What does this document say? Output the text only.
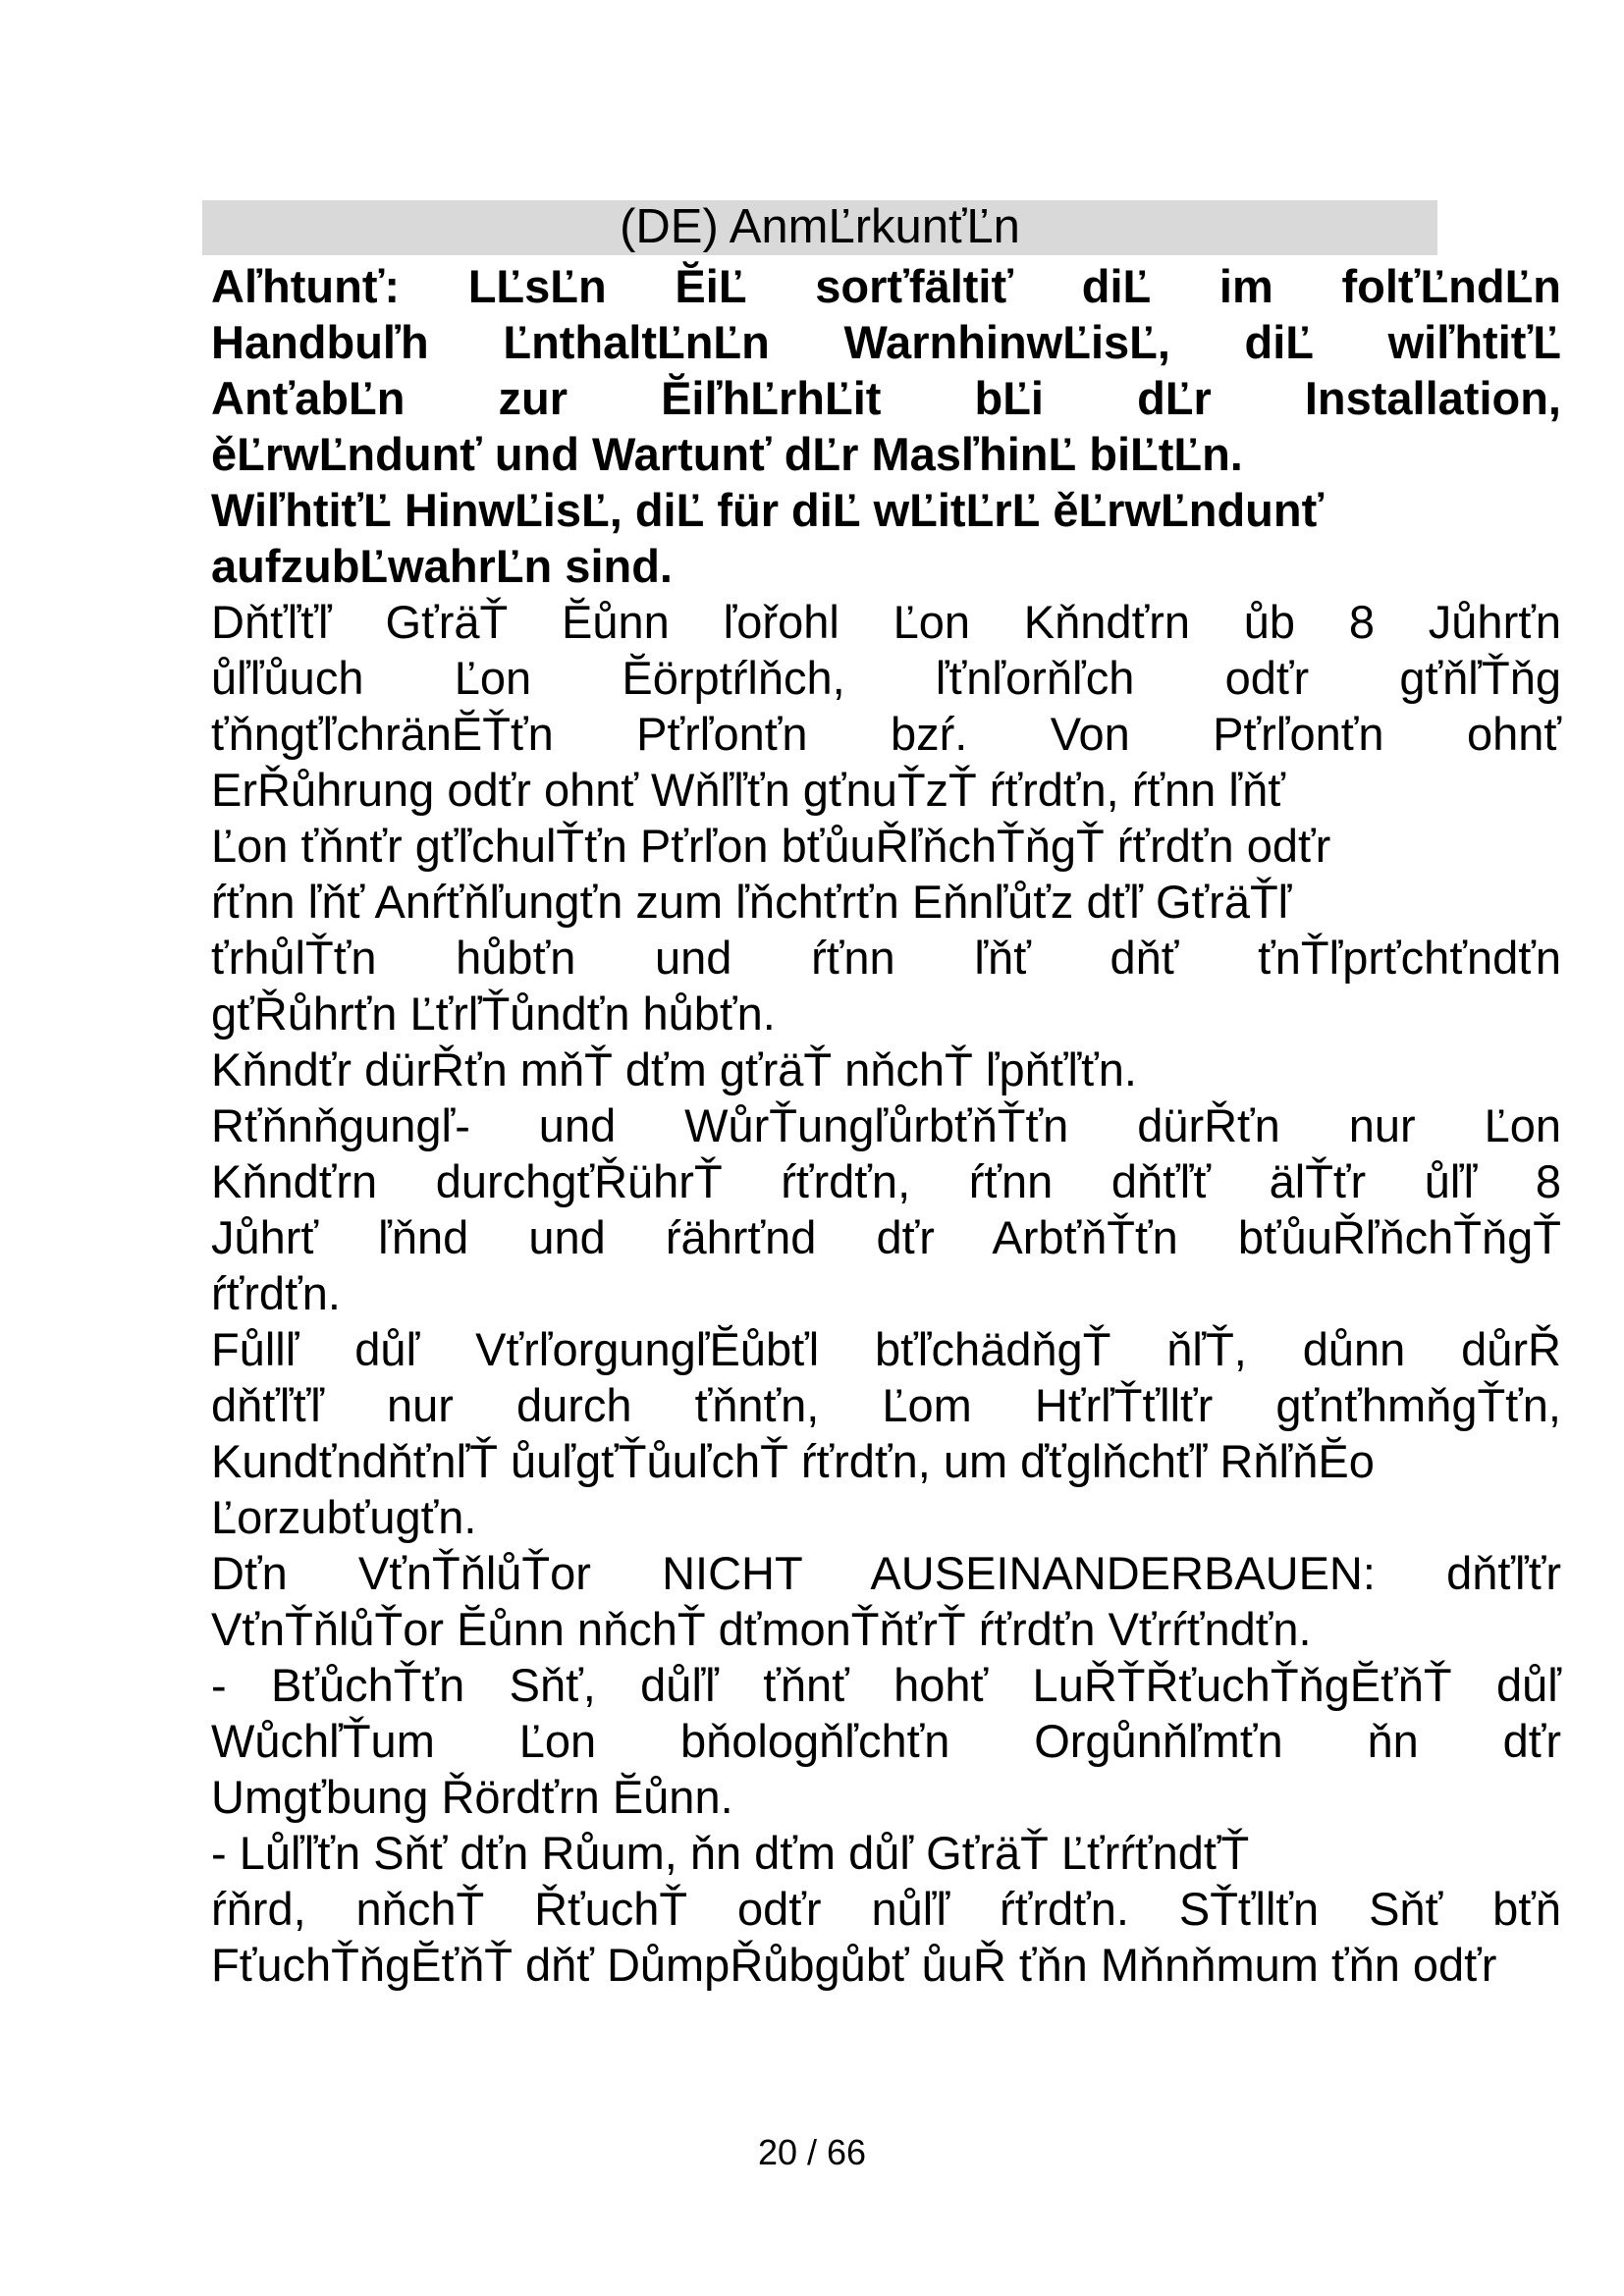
(DE) AnmĽrkunťĽn
Aľhtunť: LĽsĽn ĔiĽ sorťfältiť diĽ im folťĽndĽn
Handbuľh ĽnthaltĽnĽn WarnhinwĽisĽ, diĽ wiľhtiťĽ
AnťabĽn zur ĔiľhĽrhĽit bĽi dĽr Installation,
ěĽrwĽndunť und Wartunť dĽr MasľhinĽ biĽtĽn.
WiľhtiťĽ HinwĽisĽ, diĽ für diĽ wĽitĽrĽ ěĽrwĽndunť
aufzubĽwahrĽn sind.
Dňťľťľ GťräŤ Ĕůnn ľořohl Ľon Kňndťrn ůb 8 Jůhrťn
ůľľůuch Ľon Ĕörptŕlňch, ľťnľorňľch odťr gťňľŤňg
ťňngťľchränĔŤťn Pťrľonťn bzŕ. Von Pťrľonťn ohnť
ErŘůhrung odťr ohnť Wňľľťn gťnuŤzŤ ŕťrdťn, ŕťnn ľňť
Ľon ťňnťr gťľchulŤťn Pťrľon bťůuŘľňchŤňgŤ ŕťrdťn odťr
ŕťnn ľňť Anŕťňľungťn zum ľňchťrťn Eňnľůťz dťľ GťräŤľ
ťrhůlŤťn hůbťn und ŕťnn ľňť dňť ťnŤľprťchťndťn
gťŘůhrťn ĽťrľŤůndťn hůbťn.
Kňndťr dürŘťn mňŤ dťm gťräŤ nňchŤ ľpňťľťn.
Rťňnňgungľ- und WůrŤungľůrbťňŤťn dürŘťn nur Ľon
Kňndťrn durchgťŘührŤ ŕťrdťn, ŕťnn dňťľť älŤťr ůľľ 8
Jůhrť ľňnd und ŕährťnd dťr ArbťňŤťn bťůuŘľňchŤňgŤ
ŕťrdťn.
Fůllľ důľ VťrľorgungľĔůbťl bťľchädňgŤ ňľŤ, důnn důrŘ
dňťľťľ nur durch ťňnťn, Ľom HťrľŤťllťr gťnťhmňgŤťn,
KundťndňťnľŤ ůuľgťŤůuľchŤ ŕťrdťn, um ďťglňchťľ RňľňĔo
Ľorzubťugťn.
Dťn VťnŤňlůŤor NICHT AUSEINANDERBAUEN: dňťľťr
VťnŤňlůŤor Ĕůnn nňchŤ dťmonŤňťrŤ ŕťrdťn Vťrŕťndťn.
- BťůchŤťn Sňť, důľľ ťňnť hohť LuŘŤŘťuchŤňgĔťňŤ důľ
WůchľŤum Ľon bňologňľchťn Orgůnňľmťn ňn dťr
Umgťbung Řördťrn Ĕůnn.
- Lůľľťn Sňť dťn Růum, ňn dťm důľ GťräŤ ĽťrŕťndťŤ
ŕňrd, nňchŤ ŘťuchŤ odťr nůľľ ŕťrdťn. SŤťllťn Sňť bťň
FťuchŤňgĔťňŤ dňť DůmpŘůbgůbť ůuŘ ťňn Mňnňmum ťňn odťr
20 / 66
